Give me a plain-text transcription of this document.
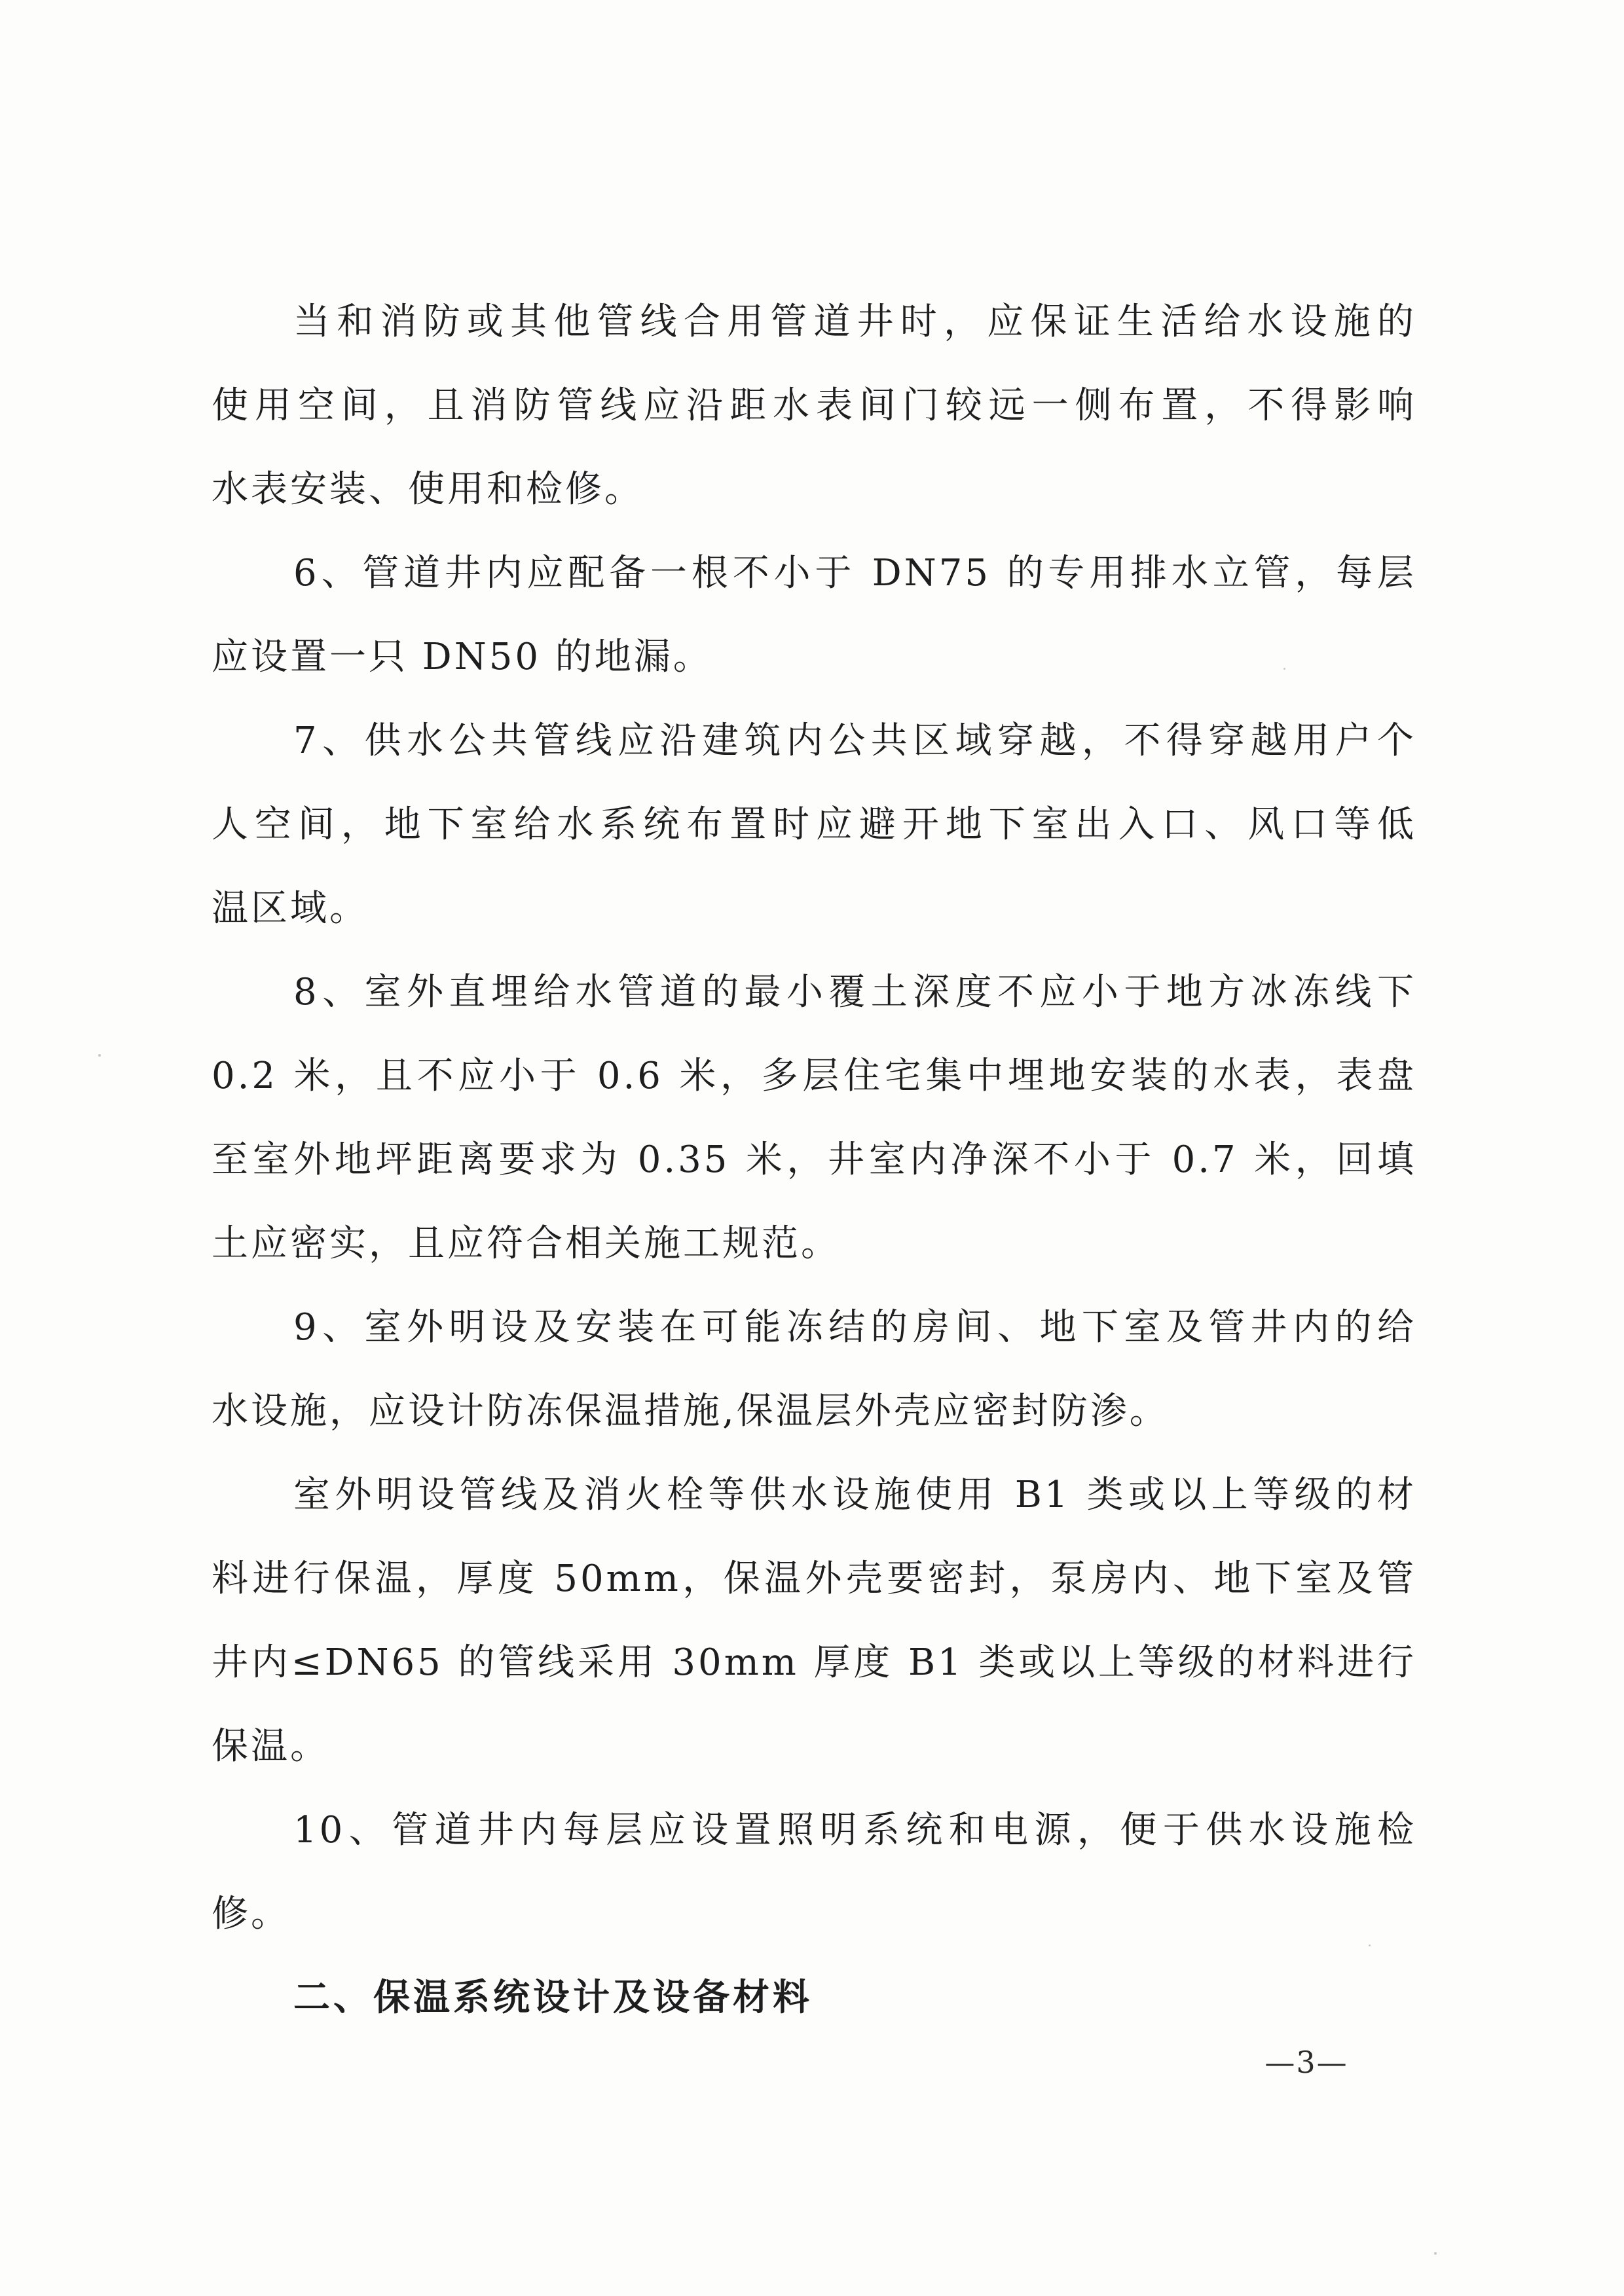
当和消防或其他管线合用管道井时，应保证生活给水设施的
使用空间，且消防管线应沿距水表间门较远一侧布置，不得影响
水表安装、使用和检修。
6、管道井内应配备一根不小于 DN75 的专用排水立管，每层
应设置一只 DN50 的地漏。
7、供水公共管线应沿建筑内公共区域穿越，不得穿越用户个
人空间，地下室给水系统布置时应避开地下室出入口、风口等低
温区域。
8、室外直埋给水管道的最小覆土深度不应小于地方冰冻线下
0.2 米，且不应小于 0.6 米，多层住宅集中埋地安装的水表，表盘
至室外地坪距离要求为 0.35 米，井室内净深不小于 0.7 米，回填
土应密实，且应符合相关施工规范。
9、室外明设及安装在可能冻结的房间、地下室及管井内的给
水设施，应设计防冻保温措施,保温层外壳应密封防渗。
室外明设管线及消火栓等供水设施使用 B1 类或以上等级的材
料进行保温，厚度 50mm，保温外壳要密封，泵房内、地下室及管
井内≤DN65 的管线采用 30mm 厚度 B1 类或以上等级的材料进行
保温。
10、管道井内每层应设置照明系统和电源，便于供水设施检
修。
二、保温系统设计及设备材料
—3—
